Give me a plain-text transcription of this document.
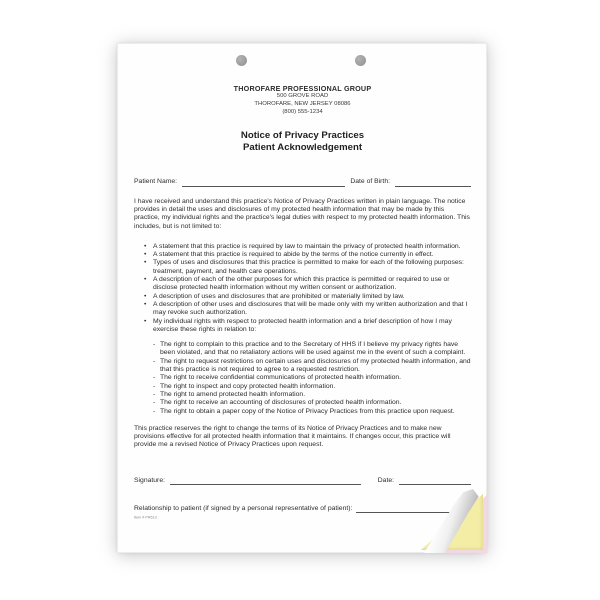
THOROFARE PROFESSIONAL GROUP
500 GROVE ROAD
THOROFARE, NEW JERSEY 08086
(800) 555-1234
Notice of Privacy Practices
Patient Acknowledgement
Patient Name:	Date of Birth:

I have received and understand this practice's Notice of Privacy Practices written in plain language. The notice provides in detail the uses and disclosures of my protected health information that may be made by this practice, my individual rights and the practice's legal duties with respect to my protected health information. This includes, but is not limited to:

• A statement that this practice is required by law to maintain the privacy of protected health information.
• A statement that this practice is required to abide by the terms of the notice currently in effect.
• Types of uses and disclosures that this practice is permitted to make for each of the following purposes: treatment, payment, and health care operations.
• A description of each of the other purposes for which this practice is permitted or required to use or disclose protected health information without my written consent or authorization.
• A description of uses and disclosures that are prohibited or materially limited by law.
• A description of other uses and disclosures that will be made only with my written authorization and that I may revoke such authorization.
• My individual rights with respect to protected health information and a brief description of how I may exercise these rights in relation to:
- The right to complain to this practice and to the Secretary of HHS if I believe my privacy rights have been violated, and that no retaliatory actions will be used against me in the event of such a complaint.
- The right to request restrictions on certain uses and disclosures of my protected health information, and that this practice is not required to agree to a requested restriction.
- The right to receive confidential communications of protected health information.
- The right to inspect and copy protected health information.
- The right to amend protected health information.
- The right to receive an accounting of disclosures of protected health information.
- The right to obtain a paper copy of the Notice of Privacy Practices from this practice upon request.

This practice reserves the right to change the terms of its Notice of Privacy Practices and to make new provisions effective for all protected health information that it maintains. If changes occur, this practice will provide me a revised Notice of Privacy Practices upon request.

Signature:	Date:
Relationship to patient (if signed by a personal representative of patient):
Item # PR613
